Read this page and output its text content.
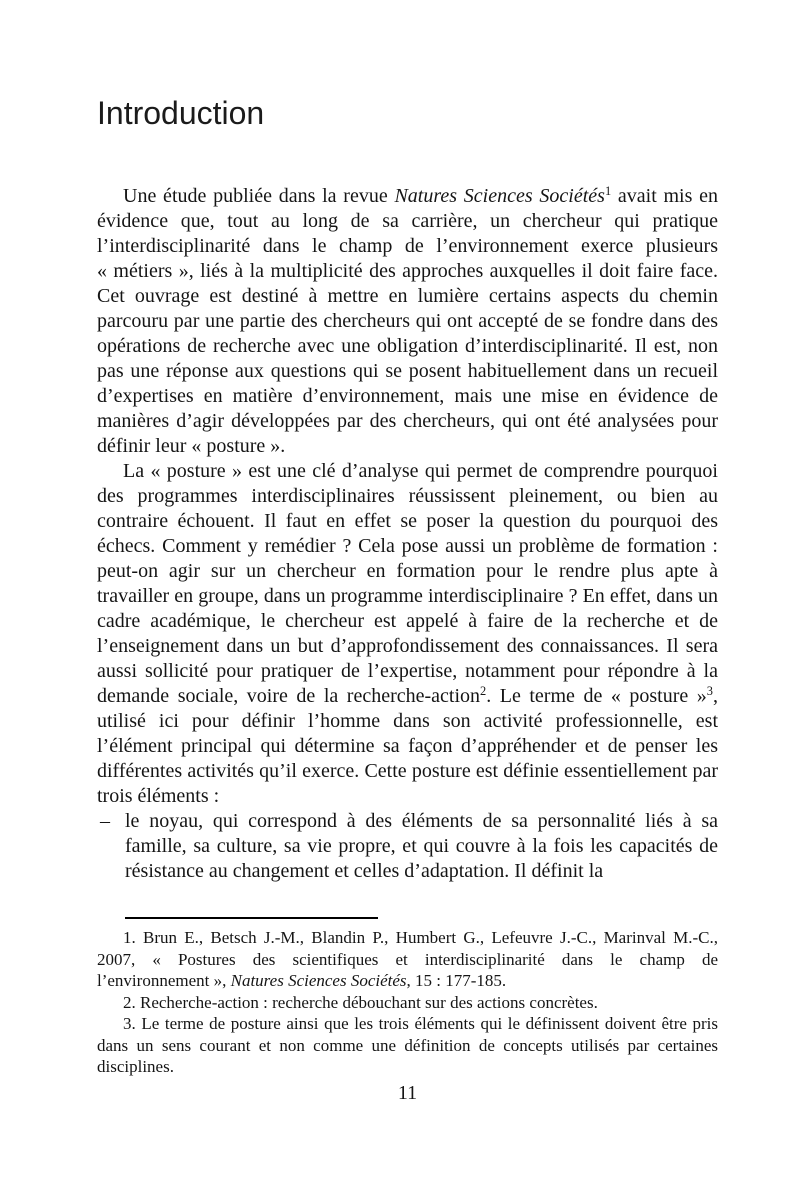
Introduction

Une étude publiée dans la revue Natures Sciences Sociétés$^1$ avait mis en évidence que, tout au long de sa carrière, un chercheur qui pratique l’interdisciplinarité dans le champ de l’environnement exerce plusieurs « métiers », liés à la multiplicité des approches auxquelles il doit faire face. Cet ouvrage est destiné à mettre en lumière certains aspects du chemin parcouru par une partie des chercheurs qui ont accepté de se fondre dans des opérations de recherche avec une obligation d’interdisciplinarité. Il est, non pas une réponse aux questions qui se posent habituellement dans un recueil d’expertises en matière d’environnement, mais une mise en évidence de manières d’agir développées par des chercheurs, qui ont été analysées pour définir leur « posture ».

La « posture » est une clé d’analyse qui permet de comprendre pourquoi des programmes interdisciplinaires réussissent pleinement, ou bien au contraire échouent. Il faut en effet se poser la question du pourquoi des échecs. Comment y remédier ? Cela pose aussi un problème de formation : peut-on agir sur un chercheur en formation pour le rendre plus apte à travailler en groupe, dans un programme interdisciplinaire ? En effet, dans un cadre académique, le chercheur est appelé à faire de la recherche et de l’enseignement dans un but d’approfondissement des connaissances. Il sera aussi sollicité pour pratiquer de l’expertise, notamment pour répondre à la demande sociale, voire de la recherche-action$^2$. Le terme de « posture »$^3$, utilisé ici pour définir l’homme dans son activité professionnelle, est l’élément principal qui détermine sa façon d’appréhender et de penser les différentes activités qu’il exerce. Cette posture est définie essentiellement par trois éléments :

– le noyau, qui correspond à des éléments de sa personnalité liés à sa famille, sa culture, sa vie propre, et qui couvre à la fois les capacités de résistance au changement et celles d’adaptation. Il définit la

1. Brun E., Betsch J.-M., Blandin P., Humbert G., Lefeuvre J.-C., Marinval M.-C., 2007, « Postures des scientifiques et interdisciplinarité dans le champ de l’environnement », Natures Sciences Sociétés, 15 : 177-185.

2. Recherche-action : recherche débouchant sur des actions concrètes.

3. Le terme de posture ainsi que les trois éléments qui le définissent doivent être pris dans un sens courant et non comme une définition de concepts utilisés par certaines disciplines.

11
